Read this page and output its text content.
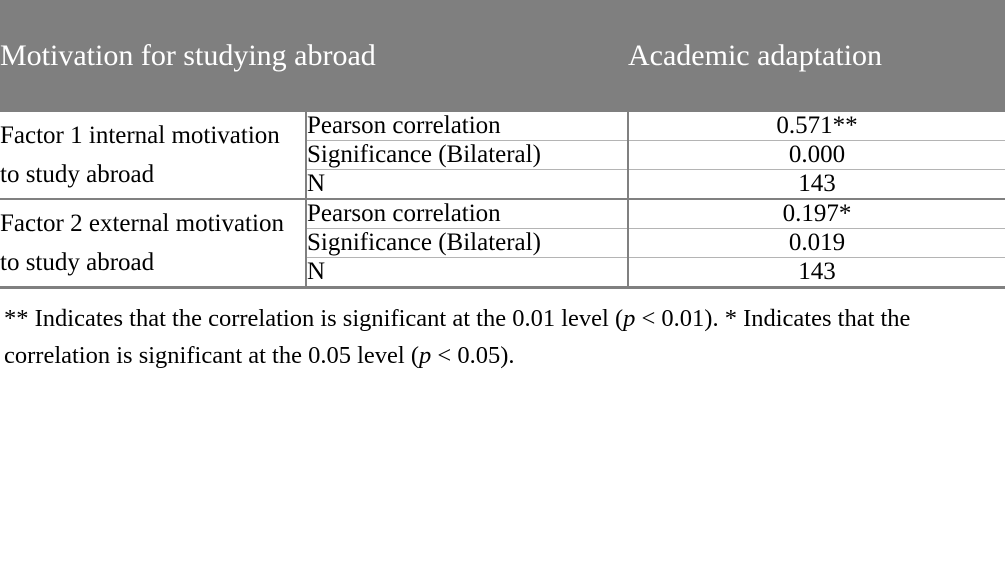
Motivation for studying abroad		Academic adaptation
Factor 1 internal motivation to study abroad	Pearson correlation	0.571**
	Significance (Bilateral)	0.000
	N	143
Factor 2 external motivation to study abroad	Pearson correlation	0.197*
	Significance (Bilateral)	0.019
	N	143
** Indicates that the correlation is significant at the 0.01 level (p < 0.01). * Indicates that the correlation is significant at the 0.05 level (p < 0.05).
